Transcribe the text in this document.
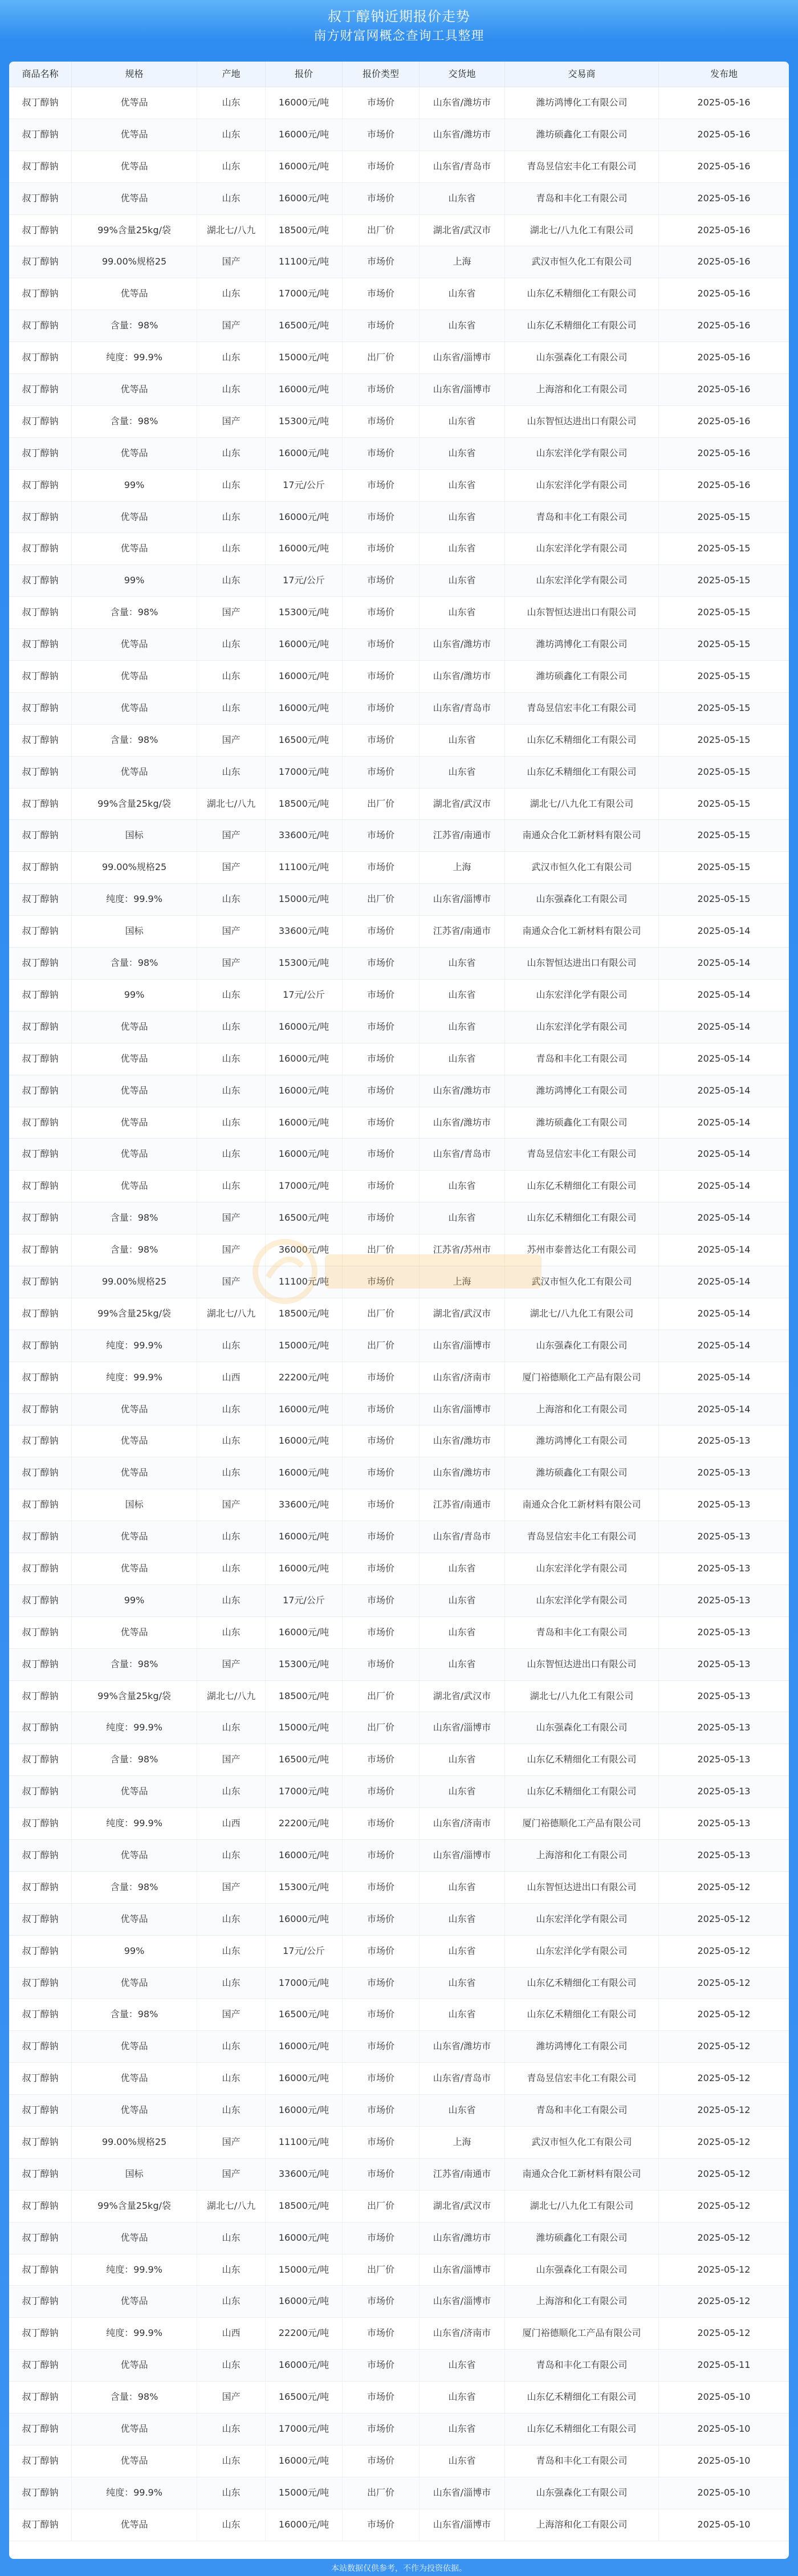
叔丁醇钠近期报价走势
南方财富网概念查询工具整理
商品名称	规格	产地	报价	报价类型	交货地	交易商	发布地
叔丁醇钠	优等品	山东	16000元/吨	市场价	山东省/潍坊市	潍坊鸿博化工有限公司	2025-05-16
叔丁醇钠	优等品	山东	16000元/吨	市场价	山东省/潍坊市	潍坊硕鑫化工有限公司	2025-05-16
叔丁醇钠	优等品	山东	16000元/吨	市场价	山东省/青岛市	青岛昱信宏丰化工有限公司	2025-05-16
叔丁醇钠	优等品	山东	16000元/吨	市场价	山东省	青岛和丰化工有限公司	2025-05-16
叔丁醇钠	99%含量25kg/袋	湖北七/八九	18500元/吨	出厂价	湖北省/武汉市	湖北七/八九化工有限公司	2025-05-16
叔丁醇钠	99.00%规格25	国产	11100元/吨	市场价	上海	武汉市恒久化工有限公司	2025-05-16
叔丁醇钠	优等品	山东	17000元/吨	市场价	山东省	山东亿禾精细化工有限公司	2025-05-16
叔丁醇钠	含量：98%	国产	16500元/吨	市场价	山东省	山东亿禾精细化工有限公司	2025-05-16
叔丁醇钠	纯度：99.9%	山东	15000元/吨	出厂价	山东省/淄博市	山东强森化工有限公司	2025-05-16
叔丁醇钠	优等品	山东	16000元/吨	市场价	山东省/淄博市	上海溶和化工有限公司	2025-05-16
叔丁醇钠	含量：98%	国产	15300元/吨	市场价	山东省	山东智恒达进出口有限公司	2025-05-16
叔丁醇钠	优等品	山东	16000元/吨	市场价	山东省	山东宏洋化学有限公司	2025-05-16
叔丁醇钠	99%	山东	17元/公斤	市场价	山东省	山东宏洋化学有限公司	2025-05-16
叔丁醇钠	优等品	山东	16000元/吨	市场价	山东省	青岛和丰化工有限公司	2025-05-15
叔丁醇钠	优等品	山东	16000元/吨	市场价	山东省	山东宏洋化学有限公司	2025-05-15
叔丁醇钠	99%	山东	17元/公斤	市场价	山东省	山东宏洋化学有限公司	2025-05-15
叔丁醇钠	含量：98%	国产	15300元/吨	市场价	山东省	山东智恒达进出口有限公司	2025-05-15
叔丁醇钠	优等品	山东	16000元/吨	市场价	山东省/潍坊市	潍坊鸿博化工有限公司	2025-05-15
叔丁醇钠	优等品	山东	16000元/吨	市场价	山东省/潍坊市	潍坊硕鑫化工有限公司	2025-05-15
叔丁醇钠	优等品	山东	16000元/吨	市场价	山东省/青岛市	青岛昱信宏丰化工有限公司	2025-05-15
叔丁醇钠	含量：98%	国产	16500元/吨	市场价	山东省	山东亿禾精细化工有限公司	2025-05-15
叔丁醇钠	优等品	山东	17000元/吨	市场价	山东省	山东亿禾精细化工有限公司	2025-05-15
叔丁醇钠	99%含量25kg/袋	湖北七/八九	18500元/吨	出厂价	湖北省/武汉市	湖北七/八九化工有限公司	2025-05-15
叔丁醇钠	国标	国产	33600元/吨	市场价	江苏省/南通市	南通众合化工新材料有限公司	2025-05-15
叔丁醇钠	99.00%规格25	国产	11100元/吨	市场价	上海	武汉市恒久化工有限公司	2025-05-15
叔丁醇钠	纯度：99.9%	山东	15000元/吨	出厂价	山东省/淄博市	山东强森化工有限公司	2025-05-15
叔丁醇钠	国标	国产	33600元/吨	市场价	江苏省/南通市	南通众合化工新材料有限公司	2025-05-14
叔丁醇钠	含量：98%	国产	15300元/吨	市场价	山东省	山东智恒达进出口有限公司	2025-05-14
叔丁醇钠	99%	山东	17元/公斤	市场价	山东省	山东宏洋化学有限公司	2025-05-14
叔丁醇钠	优等品	山东	16000元/吨	市场价	山东省	山东宏洋化学有限公司	2025-05-14
叔丁醇钠	优等品	山东	16000元/吨	市场价	山东省	青岛和丰化工有限公司	2025-05-14
叔丁醇钠	优等品	山东	16000元/吨	市场价	山东省/潍坊市	潍坊鸿博化工有限公司	2025-05-14
叔丁醇钠	优等品	山东	16000元/吨	市场价	山东省/潍坊市	潍坊硕鑫化工有限公司	2025-05-14
叔丁醇钠	优等品	山东	16000元/吨	市场价	山东省/青岛市	青岛昱信宏丰化工有限公司	2025-05-14
叔丁醇钠	优等品	山东	17000元/吨	市场价	山东省	山东亿禾精细化工有限公司	2025-05-14
叔丁醇钠	含量：98%	国产	16500元/吨	市场价	山东省	山东亿禾精细化工有限公司	2025-05-14
叔丁醇钠	含量：98%	国产	36000元/吨	出厂价	江苏省/苏州市	苏州市泰普达化工有限公司	2025-05-14
叔丁醇钠	99.00%规格25	国产	11100元/吨	市场价	上海	武汉市恒久化工有限公司	2025-05-14
叔丁醇钠	99%含量25kg/袋	湖北七/八九	18500元/吨	出厂价	湖北省/武汉市	湖北七/八九化工有限公司	2025-05-14
叔丁醇钠	纯度：99.9%	山东	15000元/吨	出厂价	山东省/淄博市	山东强森化工有限公司	2025-05-14
叔丁醇钠	纯度：99.9%	山西	22200元/吨	市场价	山东省/济南市	厦门裕德顺化工产品有限公司	2025-05-14
叔丁醇钠	优等品	山东	16000元/吨	市场价	山东省/淄博市	上海溶和化工有限公司	2025-05-14
叔丁醇钠	优等品	山东	16000元/吨	市场价	山东省/潍坊市	潍坊鸿博化工有限公司	2025-05-13
叔丁醇钠	优等品	山东	16000元/吨	市场价	山东省/潍坊市	潍坊硕鑫化工有限公司	2025-05-13
叔丁醇钠	国标	国产	33600元/吨	市场价	江苏省/南通市	南通众合化工新材料有限公司	2025-05-13
叔丁醇钠	优等品	山东	16000元/吨	市场价	山东省/青岛市	青岛昱信宏丰化工有限公司	2025-05-13
叔丁醇钠	优等品	山东	16000元/吨	市场价	山东省	山东宏洋化学有限公司	2025-05-13
叔丁醇钠	99%	山东	17元/公斤	市场价	山东省	山东宏洋化学有限公司	2025-05-13
叔丁醇钠	优等品	山东	16000元/吨	市场价	山东省	青岛和丰化工有限公司	2025-05-13
叔丁醇钠	含量：98%	国产	15300元/吨	市场价	山东省	山东智恒达进出口有限公司	2025-05-13
叔丁醇钠	99%含量25kg/袋	湖北七/八九	18500元/吨	出厂价	湖北省/武汉市	湖北七/八九化工有限公司	2025-05-13
叔丁醇钠	纯度：99.9%	山东	15000元/吨	出厂价	山东省/淄博市	山东强森化工有限公司	2025-05-13
叔丁醇钠	含量：98%	国产	16500元/吨	市场价	山东省	山东亿禾精细化工有限公司	2025-05-13
叔丁醇钠	优等品	山东	17000元/吨	市场价	山东省	山东亿禾精细化工有限公司	2025-05-13
叔丁醇钠	纯度：99.9%	山西	22200元/吨	市场价	山东省/济南市	厦门裕德顺化工产品有限公司	2025-05-13
叔丁醇钠	优等品	山东	16000元/吨	市场价	山东省/淄博市	上海溶和化工有限公司	2025-05-13
叔丁醇钠	含量：98%	国产	15300元/吨	市场价	山东省	山东智恒达进出口有限公司	2025-05-12
叔丁醇钠	优等品	山东	16000元/吨	市场价	山东省	山东宏洋化学有限公司	2025-05-12
叔丁醇钠	99%	山东	17元/公斤	市场价	山东省	山东宏洋化学有限公司	2025-05-12
叔丁醇钠	优等品	山东	17000元/吨	市场价	山东省	山东亿禾精细化工有限公司	2025-05-12
叔丁醇钠	含量：98%	国产	16500元/吨	市场价	山东省	山东亿禾精细化工有限公司	2025-05-12
叔丁醇钠	优等品	山东	16000元/吨	市场价	山东省/潍坊市	潍坊鸿博化工有限公司	2025-05-12
叔丁醇钠	优等品	山东	16000元/吨	市场价	山东省/青岛市	青岛昱信宏丰化工有限公司	2025-05-12
叔丁醇钠	优等品	山东	16000元/吨	市场价	山东省	青岛和丰化工有限公司	2025-05-12
叔丁醇钠	99.00%规格25	国产	11100元/吨	市场价	上海	武汉市恒久化工有限公司	2025-05-12
叔丁醇钠	国标	国产	33600元/吨	市场价	江苏省/南通市	南通众合化工新材料有限公司	2025-05-12
叔丁醇钠	99%含量25kg/袋	湖北七/八九	18500元/吨	出厂价	湖北省/武汉市	湖北七/八九化工有限公司	2025-05-12
叔丁醇钠	优等品	山东	16000元/吨	市场价	山东省/潍坊市	潍坊硕鑫化工有限公司	2025-05-12
叔丁醇钠	纯度：99.9%	山东	15000元/吨	出厂价	山东省/淄博市	山东强森化工有限公司	2025-05-12
叔丁醇钠	优等品	山东	16000元/吨	市场价	山东省/淄博市	上海溶和化工有限公司	2025-05-12
叔丁醇钠	纯度：99.9%	山西	22200元/吨	市场价	山东省/济南市	厦门裕德顺化工产品有限公司	2025-05-12
叔丁醇钠	优等品	山东	16000元/吨	市场价	山东省	青岛和丰化工有限公司	2025-05-11
叔丁醇钠	含量：98%	国产	16500元/吨	市场价	山东省	山东亿禾精细化工有限公司	2025-05-10
叔丁醇钠	优等品	山东	17000元/吨	市场价	山东省	山东亿禾精细化工有限公司	2025-05-10
叔丁醇钠	优等品	山东	16000元/吨	市场价	山东省	青岛和丰化工有限公司	2025-05-10
叔丁醇钠	纯度：99.9%	山东	15000元/吨	出厂价	山东省/淄博市	山东强森化工有限公司	2025-05-10
叔丁醇钠	优等品	山东	16000元/吨	市场价	山东省/淄博市	上海溶和化工有限公司	2025-05-10
本站数据仅供参考，不作为投资依据。
